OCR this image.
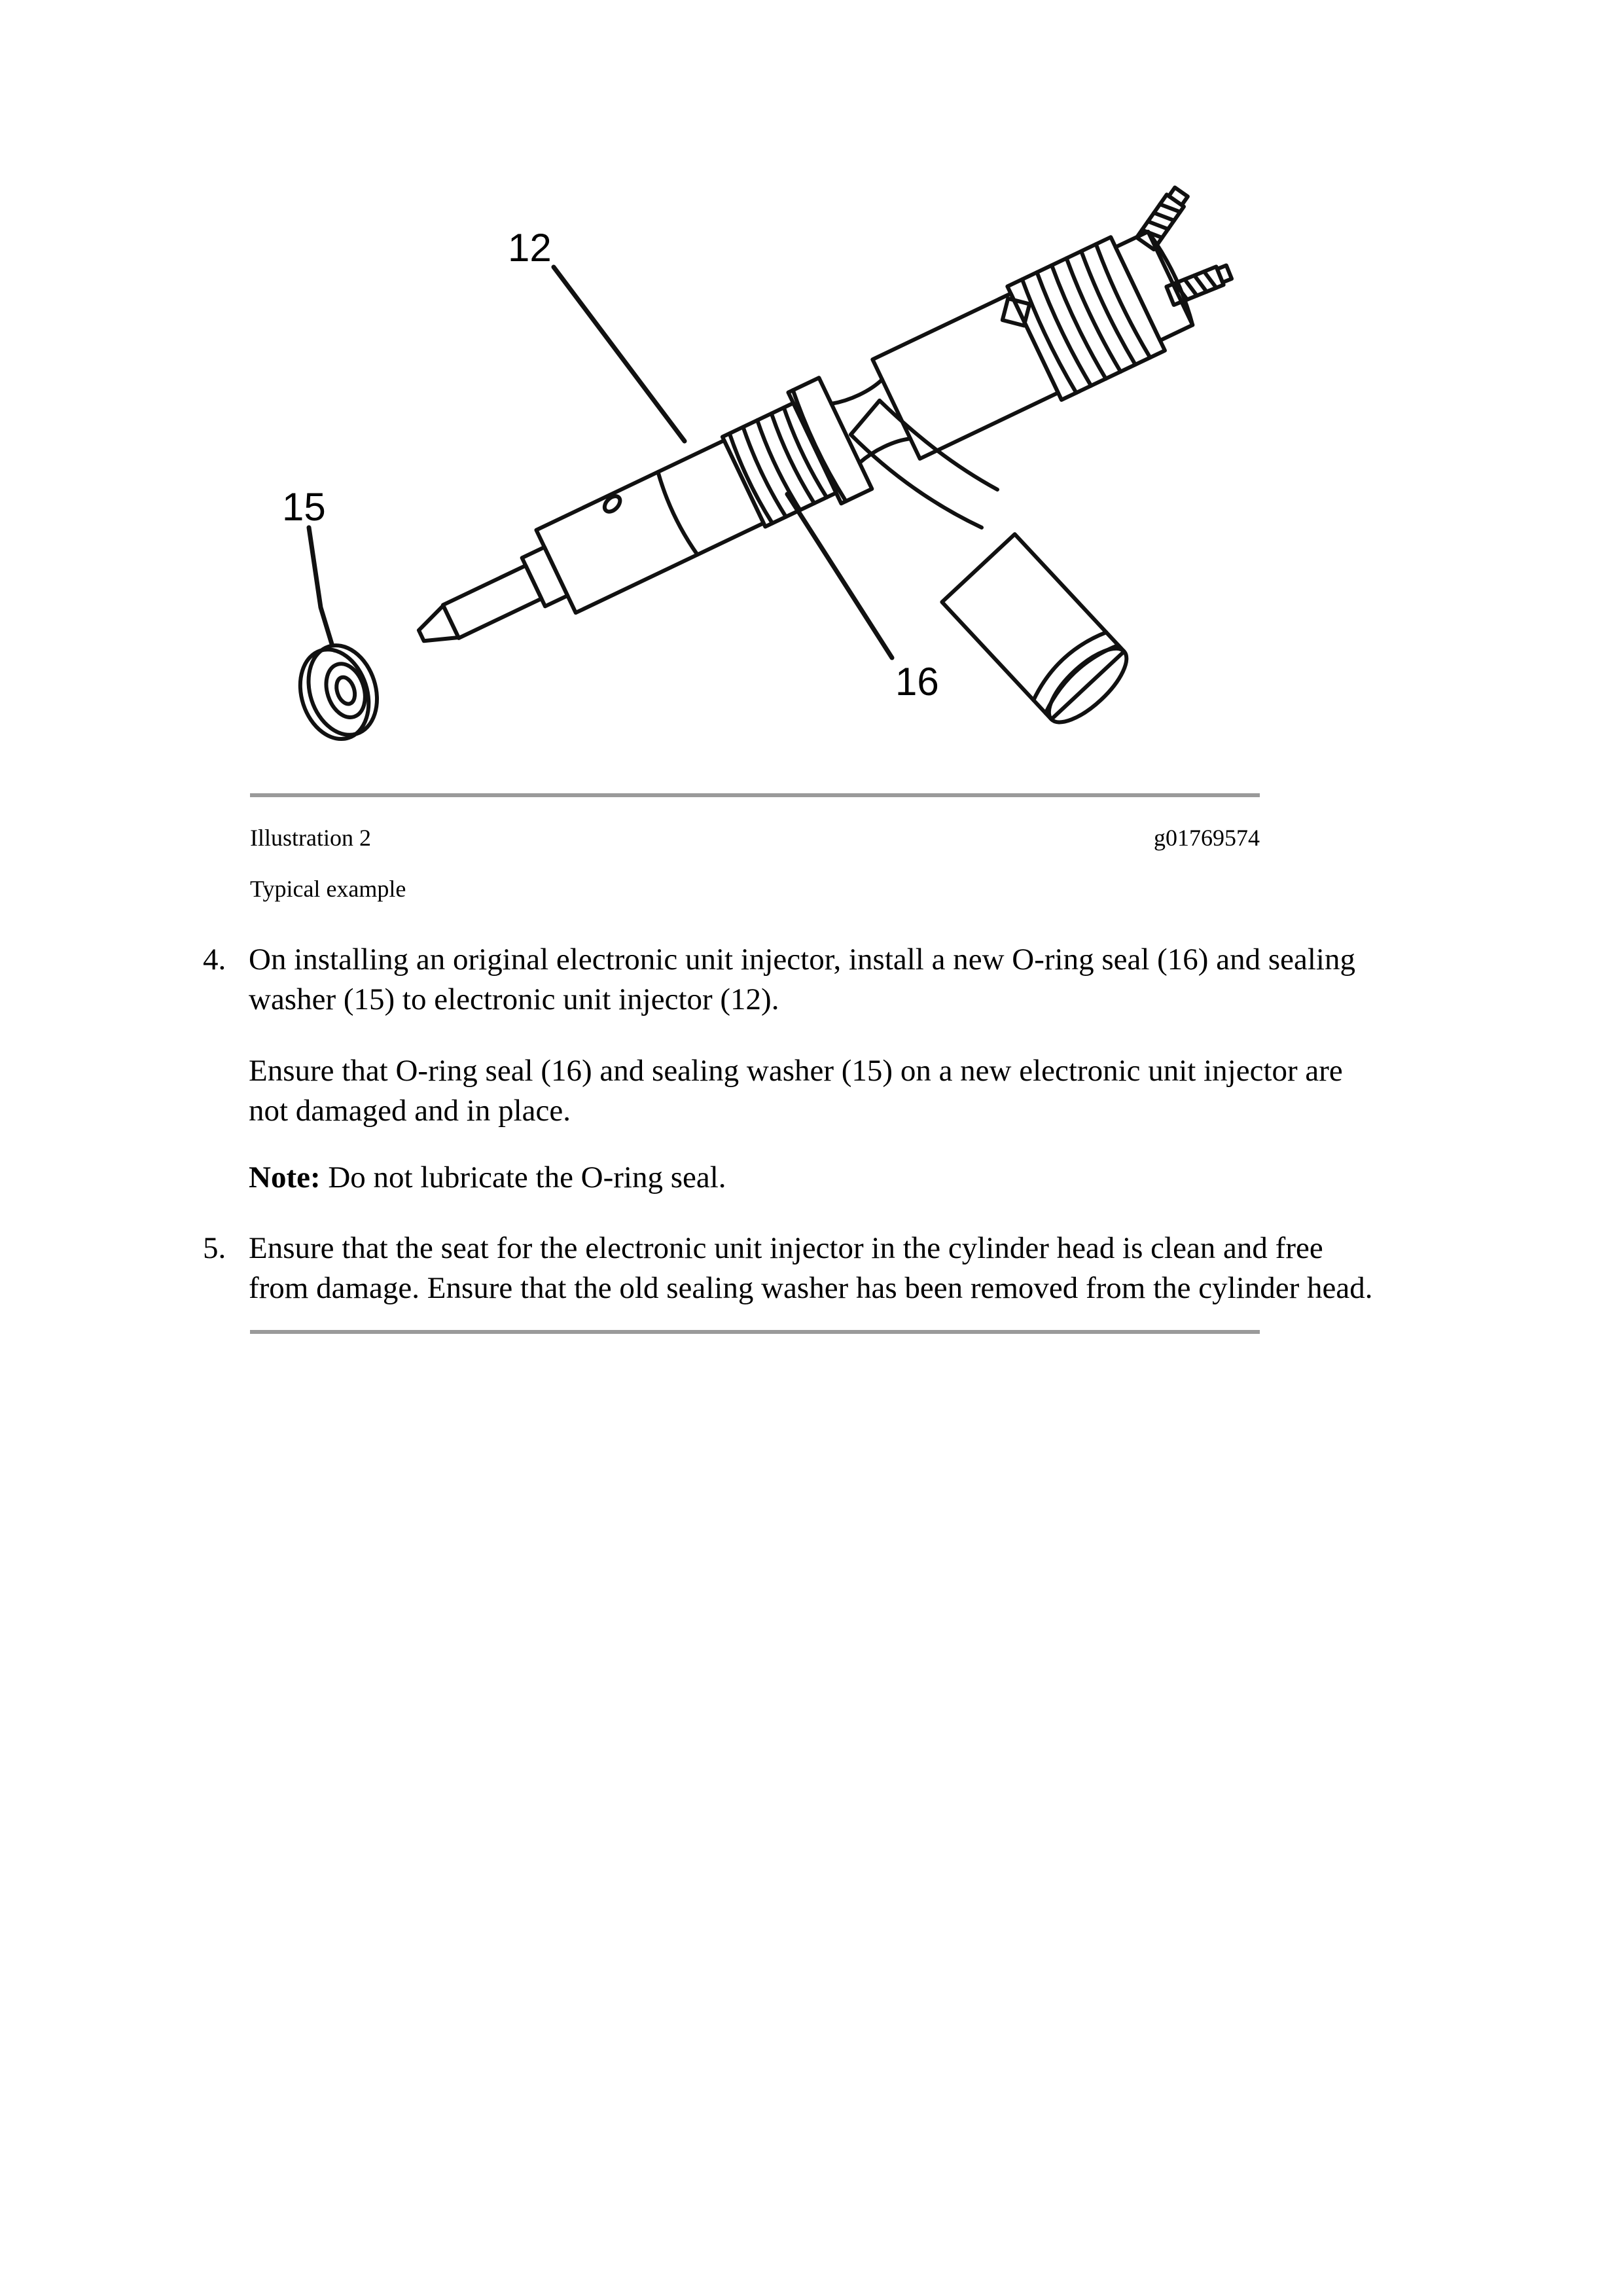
12
15
16
Illustration 2	g01769574
Typical example
4. On installing an original electronic unit injector, install a new O-ring seal (16) and sealing
washer (15) to electronic unit injector (12).
Ensure that O-ring seal (16) and sealing washer (15) on a new electronic unit injector are
not damaged and in place.
Note: Do not lubricate the O-ring seal.
5. Ensure that the seat for the electronic unit injector in the cylinder head is clean and free
from damage. Ensure that the old sealing washer has been removed from the cylinder head.
